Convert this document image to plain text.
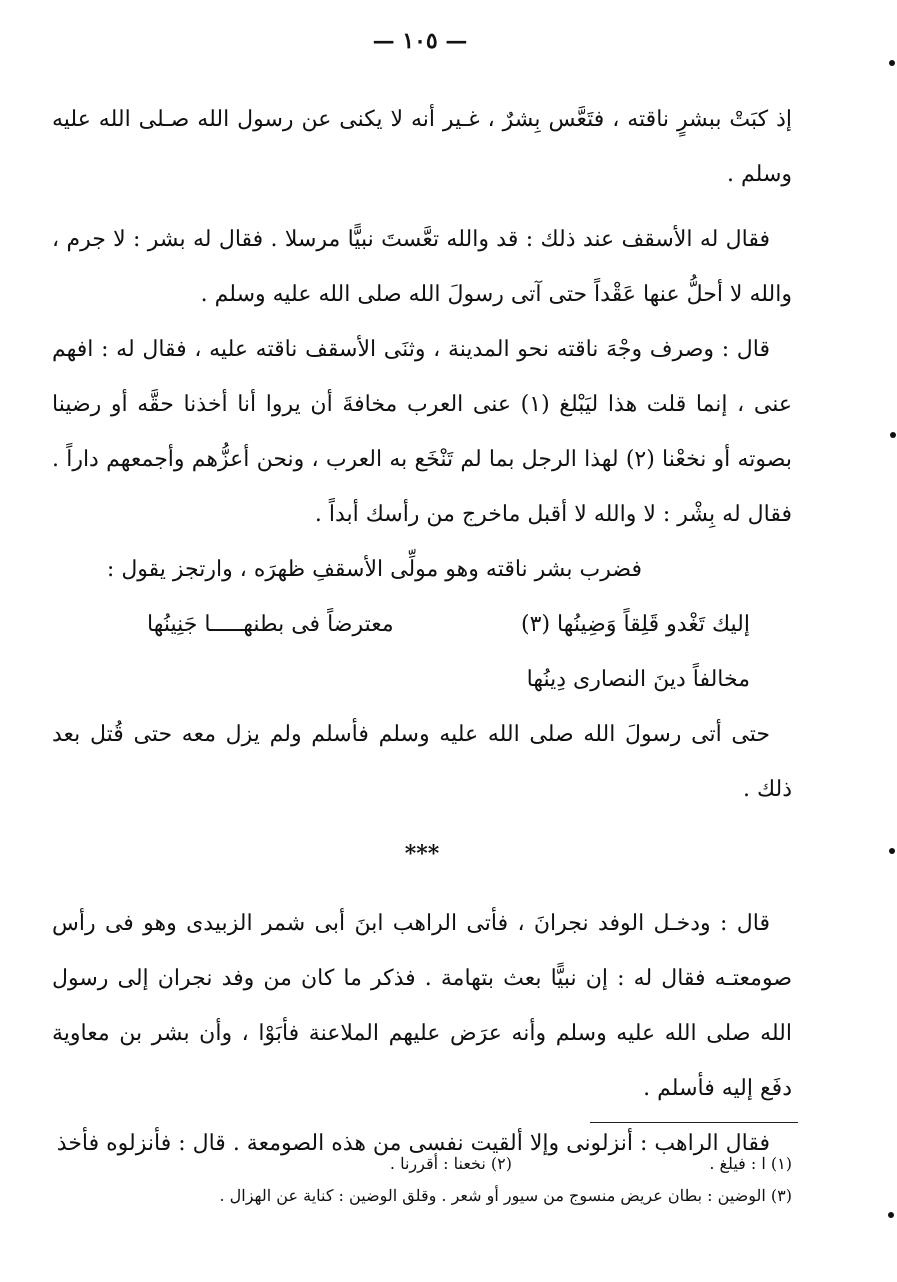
— ١٠٥ —

إذ كبَتْ ببشرٍ ناقته ، فتَعَّس بِشرٌ ، غـير أنه لا يكنى عن رسول الله صـلى الله عليه وسلم .

فقال له الأسقف عند ذلك : قد والله تعَّستَ نبيًّا مرسلا . فقال له بشر : لا جرم ، والله لا أحلُّ عنها عَقْداً حتى آتى رسولَ الله صلى الله عليه وسلم .

قال : وصرف وجْهَ ناقته نحو المدينة ، وثنَى الأسقف ناقته عليه ، فقال له : افهم عنى ، إنما قلت هذا ليَبْلغ (١) عنى العرب مخافةَ أن يروا أنا أخذنا حقَّه أو رضينا بصوته أو نخعْنا (٢) لهذا الرجل بما لم تَنْخَع به العرب ، ونحن أعزُّهم وأجمعهم داراً . فقال له بِشْر : لا والله لا أقبل ماخرج من رأسك أبداً .

فضرب بشر ناقته وهو مولِّى الأسقفِ ظهرَه ، وارتجز يقول :

إليك تَغْدو قَلِقاً وَضِينُها (٣)
معترضاً فى بطنهـــــا جَنِينُها

مخالفاً دينَ النصارى دِينُها

حتى أتى رسولَ الله صلى الله عليه وسلم فأسلم ولم يزل معه حتى قُتل بعد ذلك .

***

قال : ودخـل الوفد نجرانَ ، فأتى الراهب ابنَ أبى شمر الزبيدى وهو فى رأس صومعتـه فقال له : إن نبيًّا بعث بتهامة . فذكر ما كان من وفد نجران إلى رسول الله صلى الله عليه وسلم وأنه عرَض عليهم الملاعنة فأبَوْا ، وأن بشر بن معاوية دفَع إليه فأسلم .

فقال الراهب : أنزلونى وإلا ألقيت نفسى من هذه الصومعة . قال : فأنزلوه فأخذ

(١) ا : فيلغ .
(٢) نخعنا : أقررنا .

(٣) الوضين : بطان عريض منسوج من سيور أو شعر . وقلق الوضين : كناية عن الهزال .
